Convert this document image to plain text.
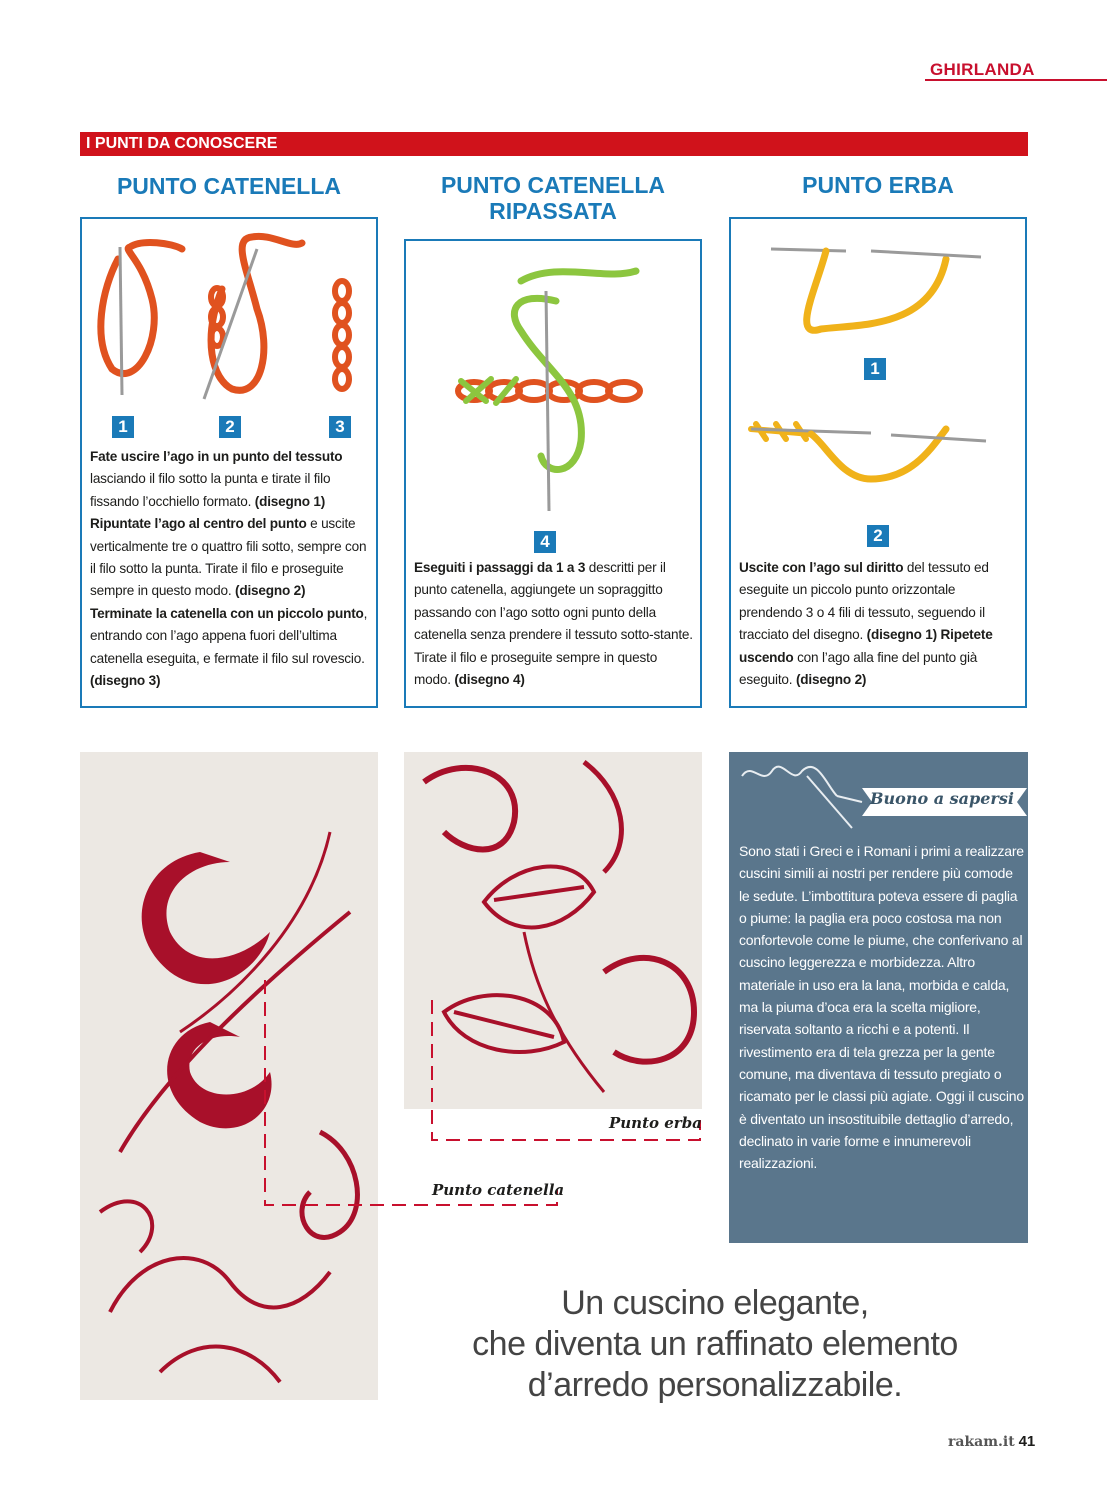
GHIRLANDA
I PUNTI DA CONOSCERE
PUNTO CATENELLA	PUNTO CATENELLA
RIPASSATA
PUNTO ERBA
1	2	3
Fate uscire l’ago in un punto del tessuto lasciando il filo sotto la punta e tirate il filo fissando l’occhiello formato. (disegno 1) Ripuntate l’ago al centro del punto e uscite verticalmente tre o quattro fili sotto, sempre con il filo sotto la punta. Tirate il filo e proseguite sempre in questo modo. (disegno 2) Terminate la catenella con un piccolo punto, entrando con l’ago appena fuori dell’ultima catenella eseguita, e fermate il filo sul rovescio. (disegno 3)
4
Eseguiti i passaggi da 1 a 3 descritti per il punto catenella, aggiungete un sopraggitto passando con l’ago sotto ogni punto della catenella senza prendere il tessuto sotto-stante. Tirate il filo e proseguite sempre in questo modo. (disegno 4)
1
2
Uscite con l’ago sul diritto del tessuto ed eseguite un piccolo punto orizzontale prendendo 3 o 4 fili di tessuto, seguendo il tracciato del disegno. (disegno 1) Ripetete uscendo con l’ago alla fine del punto già eseguito. (disegno 2)
Punto erba
Punto catenella
Buono a sapersi
Sono stati i Greci e i Romani i primi a realizzare cuscini simili ai nostri per rendere più comode le sedute. L’imbottitura poteva essere di paglia o piume: la paglia era poco costosa ma non confortevole come le piume, che conferivano al cuscino leggerezza e morbidezza. Altro materiale in uso era la lana, morbida e calda, ma la piuma d’oca era la scelta migliore, riservata soltanto a ricchi e a potenti. Il rivestimento era di tela grezza per la gente comune, ma diventava di tessuto pregiato o ricamato per le classi più agiate. Oggi il cuscino è diventato un insostituibile dettaglio d’arredo, declinato in varie forme e innumerevoli realizzazioni.
Un cuscino elegante,
che diventa un raffinato elemento
d’arredo personalizzabile.
rakam.it 41
